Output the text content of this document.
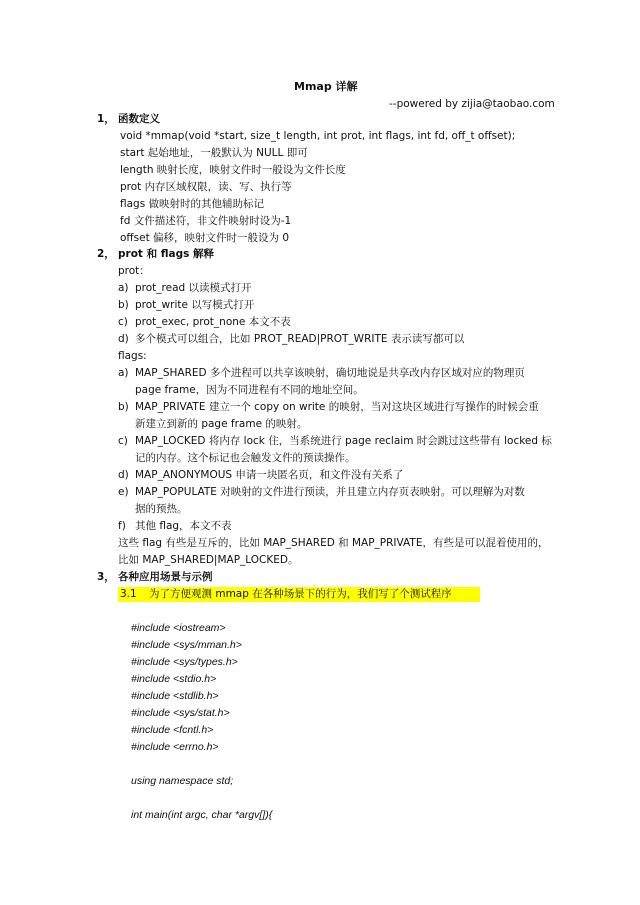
Mmap 详解
--powered by zijia@taobao.com
1， 函数定义
void *mmap(void *start, size_t length, int prot, int flags, int fd, off_t offset);
start 起始地址，一般默认为 NULL 即可
length 映射长度，映射文件时一般设为文件长度
prot 内存区域权限，读、写、执行等
flags 做映射时的其他辅助标记
fd 文件描述符，非文件映射时设为-1
offset 偏移，映射文件时一般设为 0
2， prot 和 flags 解释
prot：
a) prot_read 以读模式打开
b) prot_write 以写模式打开
c) prot_exec, prot_none 本文不表
d) 多个模式可以组合，比如 PROT_READ|PROT_WRITE 表示读写都可以
flags:
a) MAP_SHARED 多个进程可以共享该映射，确切地说是共享改内存区域对应的物理页
page frame，因为不同进程有不同的地址空间。
b) MAP_PRIVATE 建立一个 copy on write 的映射，当对这块区域进行写操作的时候会重
新建立到新的 page frame 的映射。
c) MAP_LOCKED 将内存 lock 住，当系统进行 page reclaim 时会跳过这些带有 locked 标
记的内存。这个标记也会触发文件的预读操作。
d) MAP_ANONYMOUS 申请一块匿名页，和文件没有关系了
e) MAP_POPULATE 对映射的文件进行预读，并且建立内存页表映射。可以理解为对数
据的预热。
f) 其他 flag，本文不表
这些 flag 有些是互斥的，比如 MAP_SHARED 和 MAP_PRIVATE，有些是可以混着使用的，
比如 MAP_SHARED|MAP_LOCKED。
3， 各种应用场景与示例
3.1 为了方便观测 mmap 在各种场景下的行为，我们写了个测试程序
#include <iostream>
#include <sys/mman.h>
#include <sys/types.h>
#include <stdio.h>
#include <stdlib.h>
#include <sys/stat.h>
#include <fcntl.h>
#include <errno.h>
using namespace std;
int main(int argc, char *argv[]){
